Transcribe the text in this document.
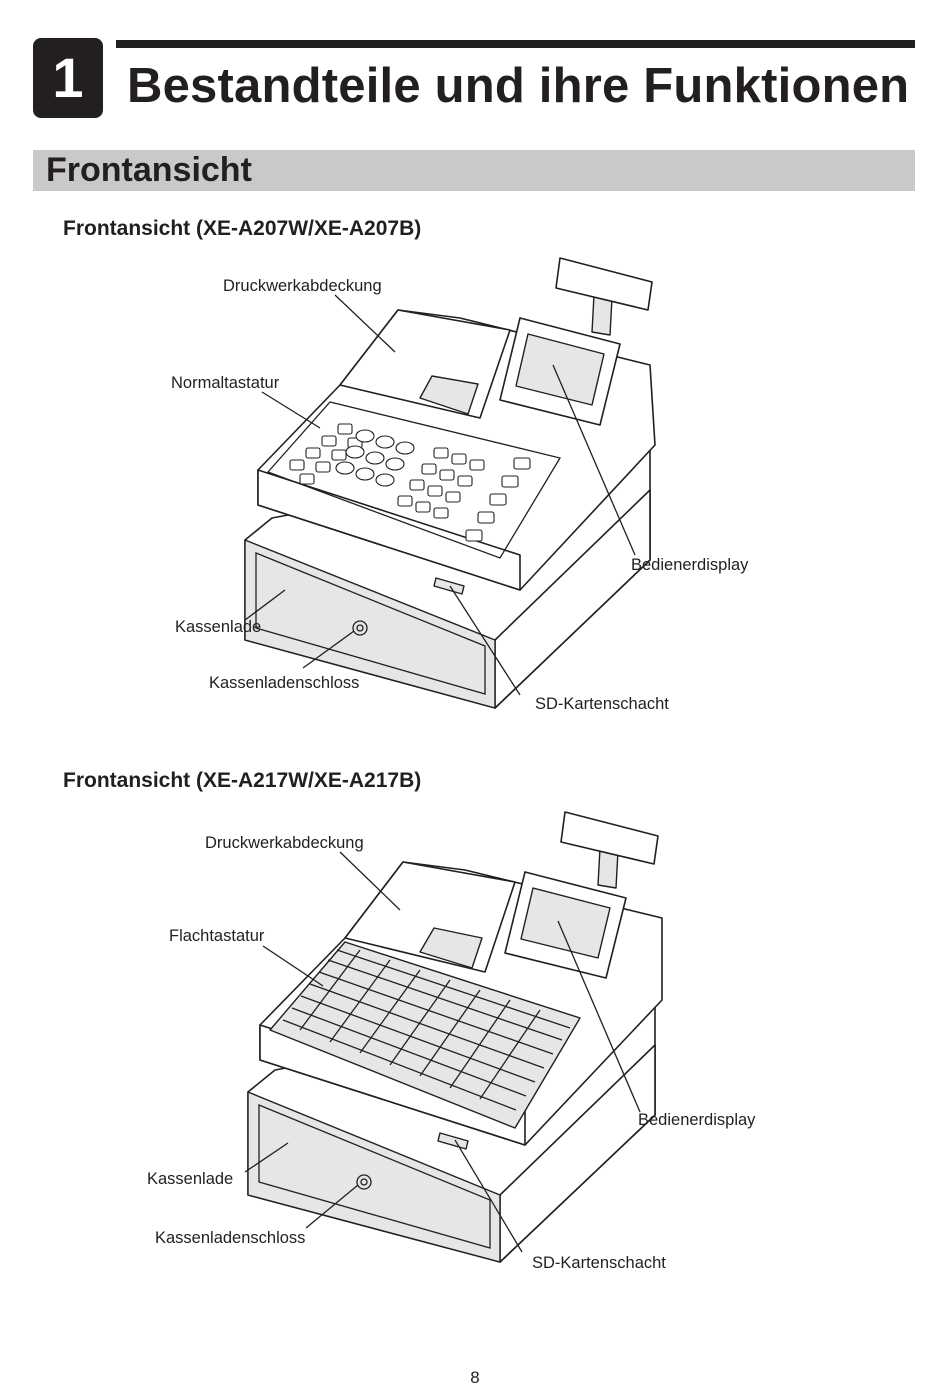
1 Bestandteile und ihre Funktionen
Frontansicht
Frontansicht (XE-A207W/XE-A207B)
Druckwerkabdeckung
Normaltastatur
Bedienerdisplay
Kassenlade
Kassenladenschloss
SD-Kartenschacht
Frontansicht (XE-A217W/XE-A217B)
Druckwerkabdeckung
Flachtastatur
Bedienerdisplay
Kassenlade
Kassenladenschloss
SD-Kartenschacht
8
